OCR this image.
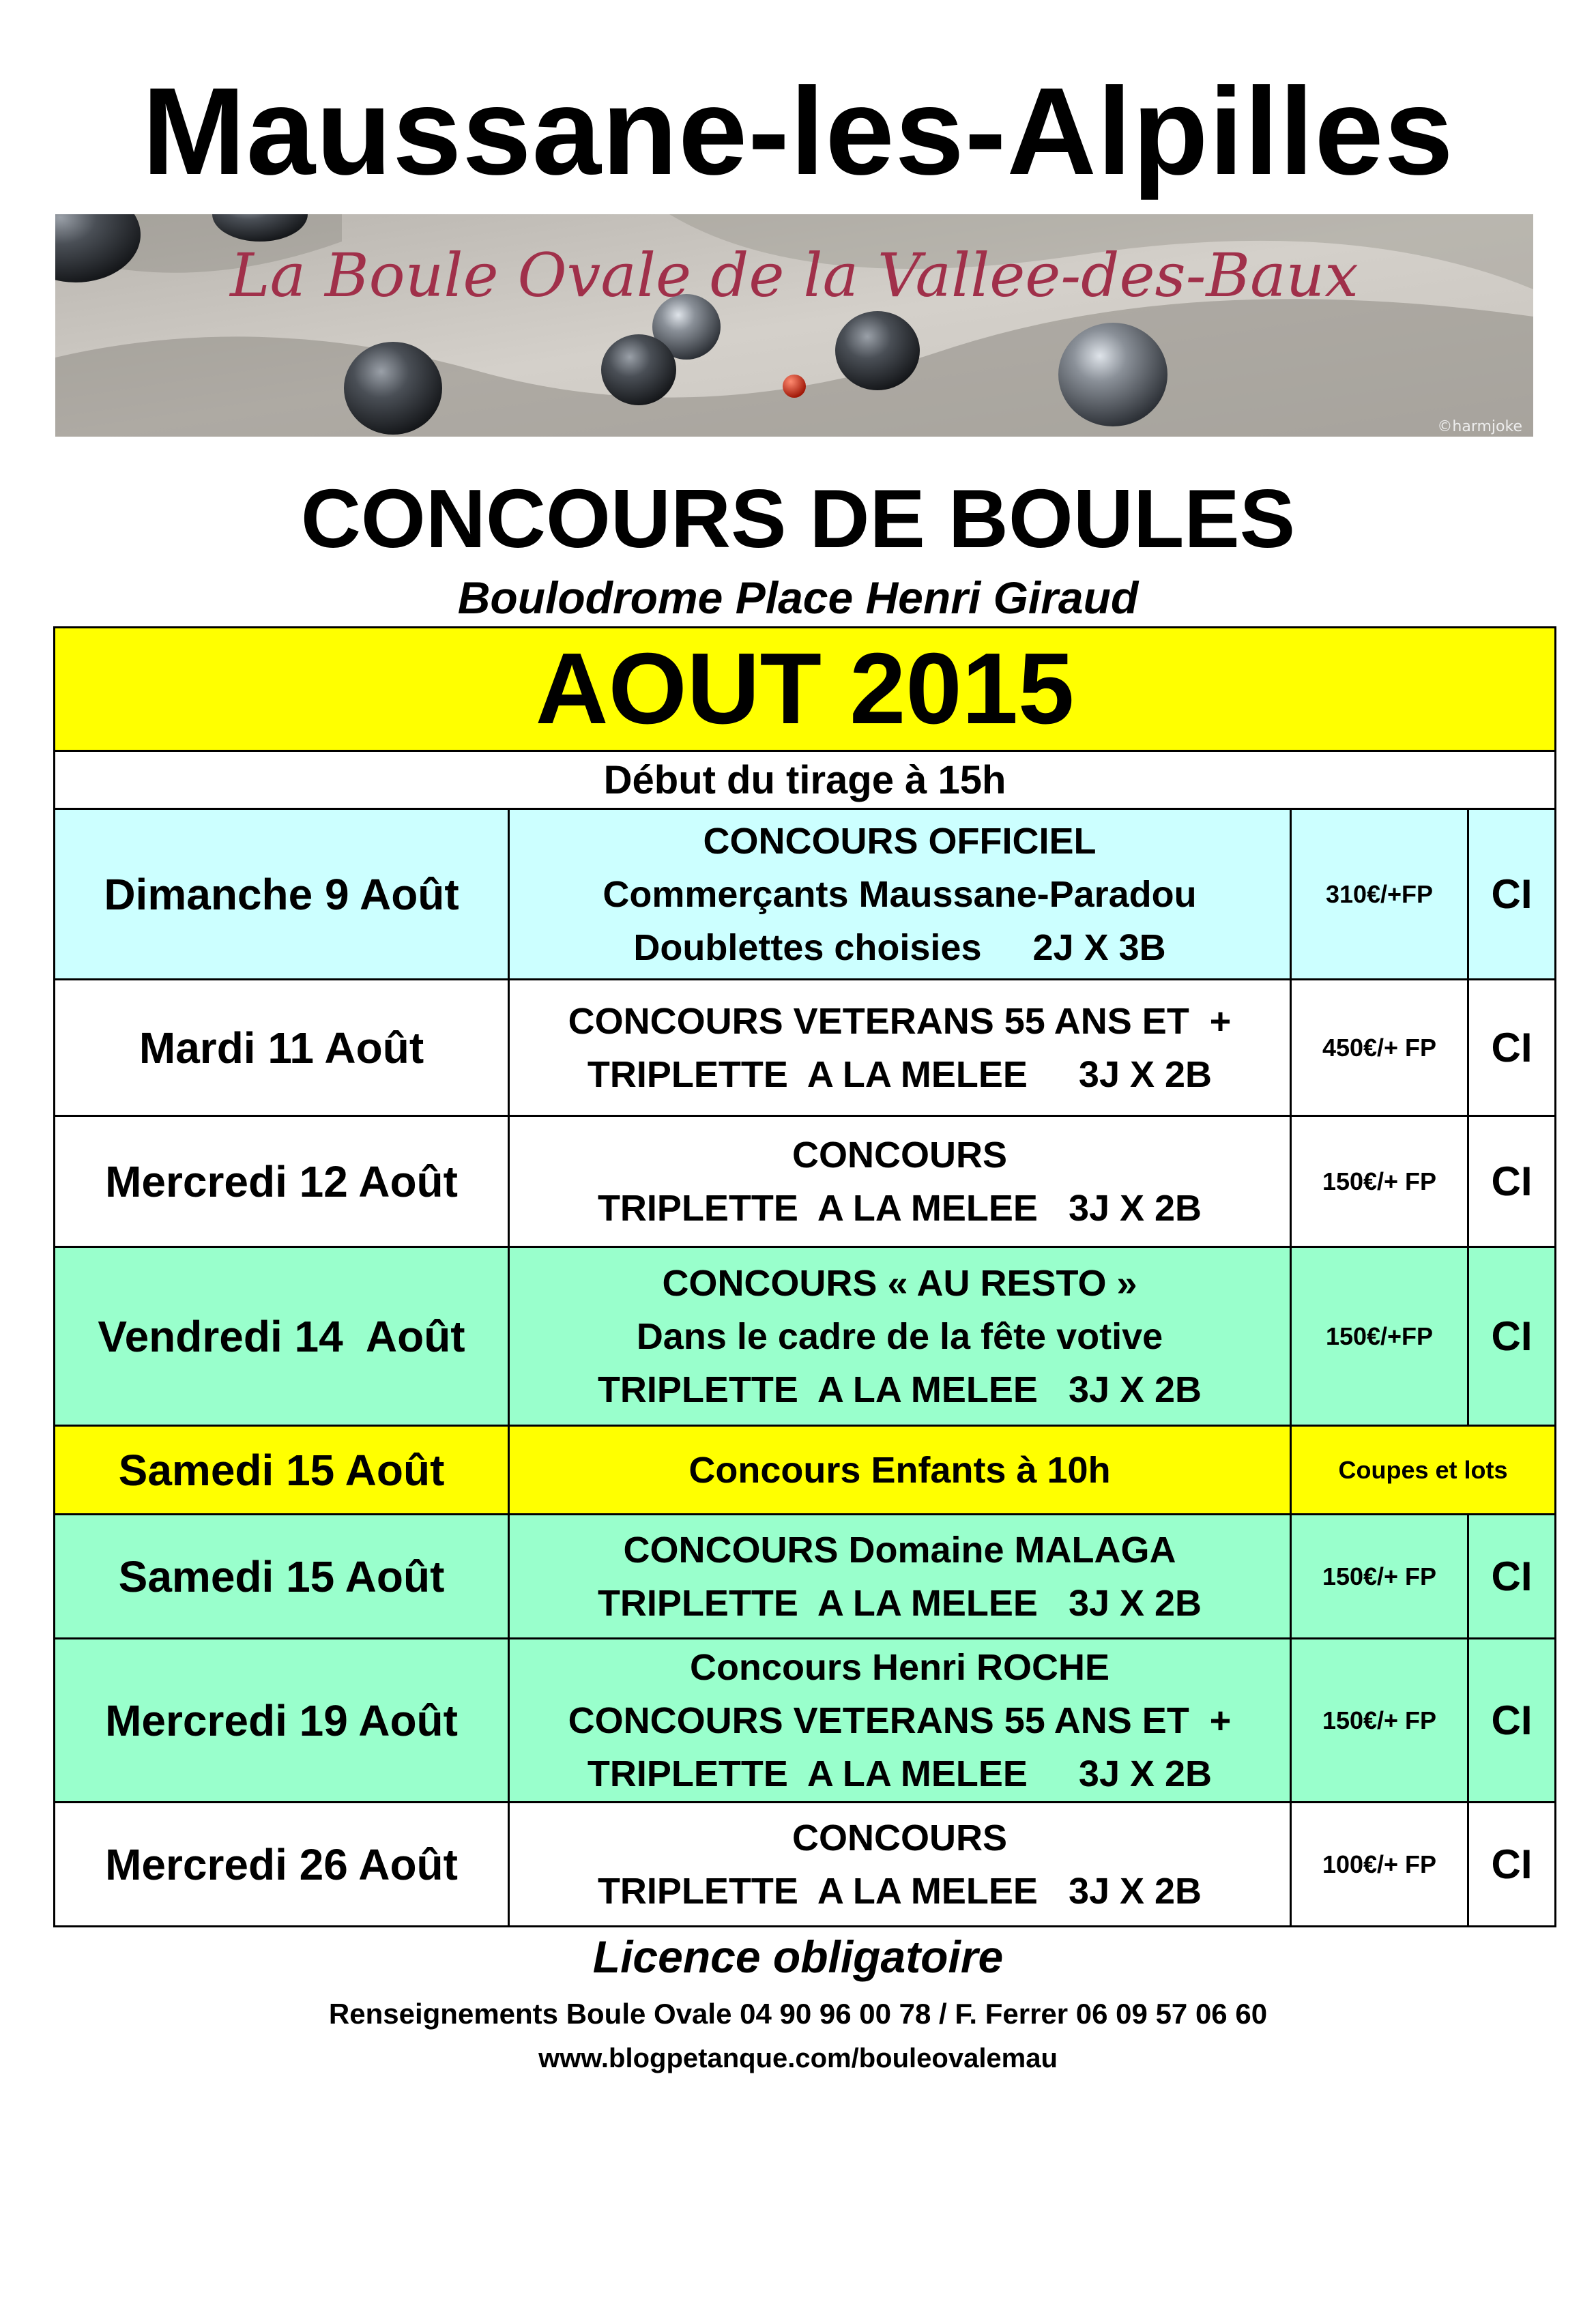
Maussane-les-Alpilles
La Boule Ovale de la Vallee-des-Baux
©harmjoke
CONCOURS DE BOULES
Boulodrome Place Henri Giraud
AOUT 2015			
Début du tirage à 15h			
Dimanche 9 Août	CONCOURS OFFICIEL
Commerçants Maussane-Paradou
Doublettes choisies     2J X 3B	310€/+FP	CI
Mardi 11 Août	CONCOURS VETERANS 55 ANS ET  +
TRIPLETTE  A LA MELEE     3J X 2B	450€/+ FP	CI
Mercredi 12 Août	CONCOURS
TRIPLETTE  A LA MELEE   3J X 2B	150€/+ FP	CI
Vendredi 14  Août	CONCOURS « AU RESTO »
Dans le cadre de la fête votive
TRIPLETTE  A LA MELEE   3J X 2B	150€/+FP	CI
Samedi 15 Août	Concours Enfants à 10h	Coupes et lots	
Samedi 15 Août	CONCOURS Domaine MALAGA
TRIPLETTE  A LA MELEE   3J X 2B	150€/+ FP	CI
Mercredi 19 Août	Concours Henri ROCHE
CONCOURS VETERANS 55 ANS ET  +
TRIPLETTE  A LA MELEE     3J X 2B	150€/+ FP	CI
Mercredi 26 Août	CONCOURS
TRIPLETTE  A LA MELEE   3J X 2B	100€/+ FP	CI
Licence obligatoire
Renseignements Boule Ovale 04 90 96 00 78 / F. Ferrer 06 09 57 06 60
www.blogpetanque.com/bouleovalemau
